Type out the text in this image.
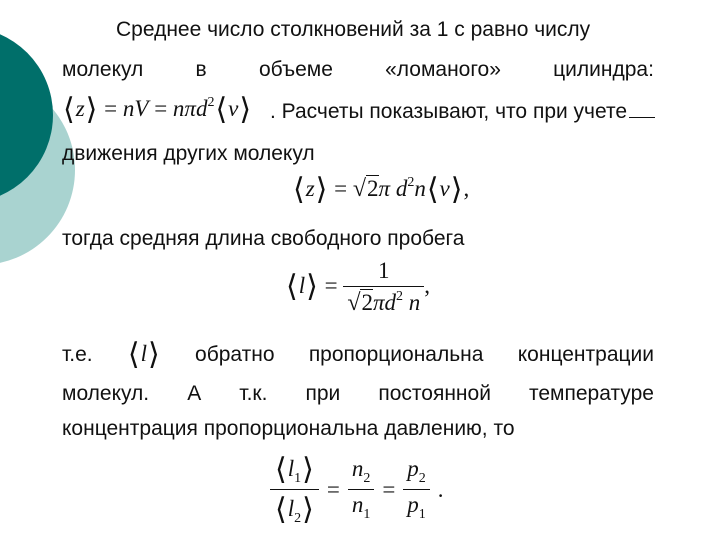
Среднее число столкновений за 1 с равно числу
молекул в объеме «ломаного» цилиндра:
⟨z⟩ = nV = nπd$^2$⟨v⟩ . Расчеты показывают, что при учете
движения других молекул
⟨z⟩ = √2π $d^2n⟨v⟩$,
тогда средняя длина свободного пробега
⟨l⟩ = $\frac{1}{√2\pi d^2 n}$ ,
т.е. ⟨l⟩ обратно пропорциональна концентрации
молекул. А т.к. при постоянной температуре
концентрация пропорциональна давлению, то
$\frac{⟨l_1⟩}{⟨l_2⟩} = \frac{n_2}{n_1} = \frac{p_2}{p_1}$ .
